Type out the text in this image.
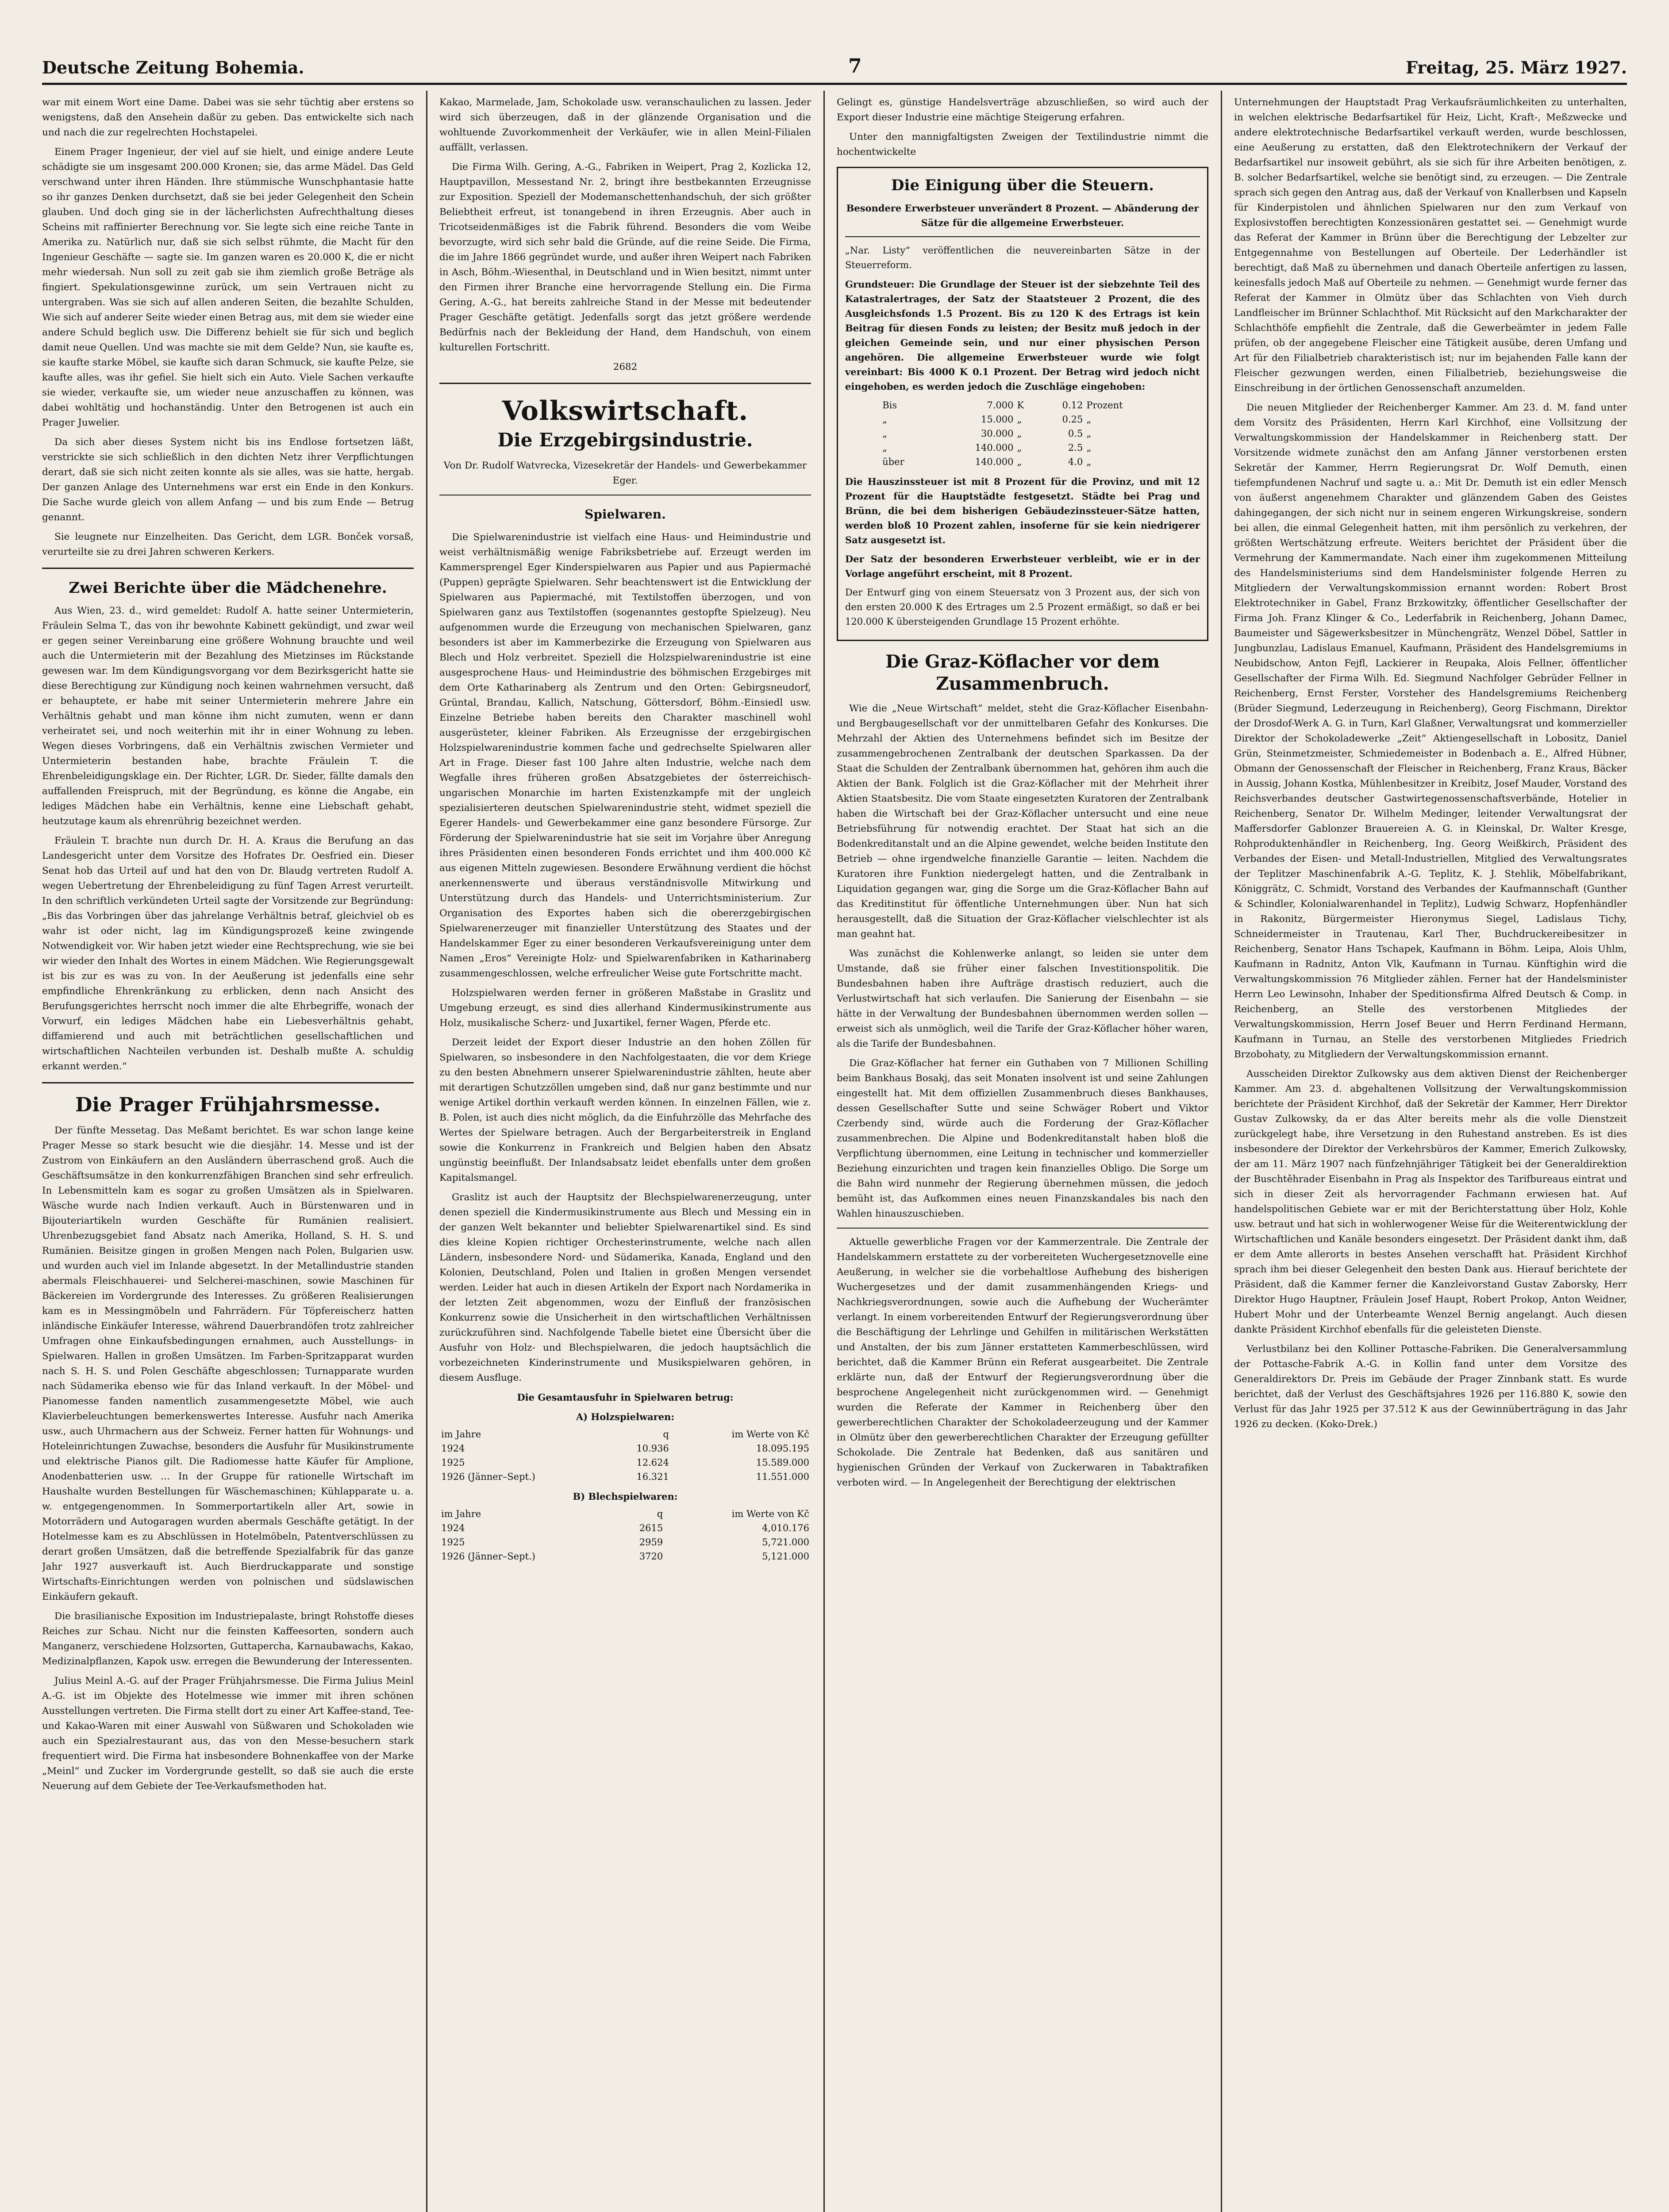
Deutsche Zeitung Bohemia.	7	Freitag, 25. März 1927.

war mit einem Wort eine Dame. Dabei was sie sehr tüchtig aber erstens so wenigstens, daß den Ansehein daßür zu geben. Das entwickelte sich nach und nach die zur regelrechten Hochstapelei.

Einem Prager Ingenieur, der viel auf sie hielt, und einige andere Leute schädigte sie um insgesamt 200.000 Kronen; sie, das arme Mädel. Das Geld verschwand unter ihren Händen. Ihre stümmische Wunschphantasie hatte so ihr ganzes Denken durchsetzt, daß sie bei jeder Gelegenheit den Schein glauben. Und doch ging sie in der lächerlichsten Aufrechthaltung dieses Scheins mit raffinierter Berechnung vor. Sie legte sich eine reiche Tante in Amerika zu. Natürlich nur, daß sie sich selbst rühmte, die Macht für den Ingenieur Geschäfte — sagte sie. Im ganzen waren es 20.000 K, die er nicht mehr wiedersah. Nun soll zu zeit gab sie ihm ziemlich große Beträge als fingiert. Spekulationsgewinne zurück, um sein Vertrauen nicht zu untergraben. Was sie sich auf allen anderen Seiten, die bezahlte Schulden, Wie sich auf anderer Seite wieder einen Betrag aus, mit dem sie wieder eine andere Schuld beglich usw. Die Differenz behielt sie für sich und beglich damit neue Quellen. Und was machte sie mit dem Gelde? Nun, sie kaufte es, sie kaufte starke Möbel, sie kaufte sich daran Schmuck, sie kaufte Pelze, sie kaufte alles, was ihr gefiel. Sie hielt sich ein Auto. Viele Sachen verkaufte sie wieder, verkaufte sie, um wieder neue anzuschaffen zu können, was dabei wohltätig und hochanständig. Unter den Betrogenen ist auch ein Prager Juwelier.

Da sich aber dieses System nicht bis ins Endlose fortsetzen läßt, verstrickte sie sich schließlich in den dichten Netz ihrer Verpflichtungen derart, daß sie sich nicht zeiten konnte als sie alles, was sie hatte, hergab. Der ganzen Anlage des Unternehmens war erst ein Ende in den Konkurs. Die Sache wurde gleich von allem Anfang — und bis zum Ende — Betrug genannt.

Sie leugnete nur Einzelheiten. Das Gericht, dem LGR. Bonček vorsaß, verurteilte sie zu drei Jahren schweren Kerkers.

Zwei Berichte über die Mädchenehre.

Aus Wien, 23. d., wird gemeldet: Rudolf A. hatte seiner Untermieterin, Fräulein Selma T., das von ihr bewohnte Kabinett gekündigt, und zwar weil er gegen seiner Vereinbarung eine größere Wohnung brauchte und weil auch die Untermieterin mit der Bezahlung des Mietzinses im Rückstande gewesen war. Im dem Kündigungsvorgang vor dem Bezirksgericht hatte sie diese Berechtigung zur Kündigung noch keinen wahrnehmen versucht, daß er behauptete, er habe mit seiner Untermieterin mehrere Jahre ein Verhältnis gehabt und man könne ihm nicht zumuten, wenn er dann verheiratet sei, und noch weiterhin mit ihr in einer Wohnung zu leben. Wegen dieses Vorbringens, daß ein Verhältnis zwischen Vermieter und Untermieterin bestanden habe, brachte Fräulein T. die Ehrenbeleidigungsklage ein. Der Richter, LGR. Dr. Sieder, fällte damals den auffallenden Freispruch, mit der Begründung, es könne die Angabe, ein lediges Mädchen habe ein Verhältnis, kenne eine Liebschaft gehabt, heutzutage kaum als ehrenrührig bezeichnet werden.

Fräulein T. brachte nun durch Dr. H. A. Kraus die Berufung an das Landesgericht unter dem Vorsitze des Hofrates Dr. Oesfried ein. Dieser Senat hob das Urteil auf und hat den von Dr. Blaudg vertreten Rudolf A. wegen Uebertretung der Ehrenbeleidigung zu fünf Tagen Arrest verurteilt. In den schriftlich verkündeten Urteil sagte der Vorsitzende zur Begründung: „Bis das Vorbringen über das jahrelange Verhältnis betraf, gleichviel ob es wahr ist oder nicht, lag im Kündigungsprozeß keine zwingende Notwendigkeit vor. Wir haben jetzt wieder eine Rechtsprechung, wie sie bei wir wieder den Inhalt des Wortes in einem Mädchen. Wie Regierungsgewalt ist bis zur es was zu von. In der Aeußerung ist jedenfalls eine sehr empfindliche Ehrenkränkung zu erblicken, denn nach Ansicht des Berufungsgerichtes herrscht noch immer die alte Ehrbegriffe, wonach der Vorwurf, ein lediges Mädchen habe ein Liebesverhältnis gehabt, diffamierend und auch mit beträchtlichen gesellschaftlichen und wirtschaftlichen Nachteilen verbunden ist. Deshalb mußte A. schuldig erkannt werden.“

Die Prager Frühjahrsmesse.

Der fünfte Messetag. Das Meßamt berichtet. Es war schon lange keine Prager Messe so stark besucht wie die diesjähr. 14. Messe und ist der Zustrom von Einkäufern an den Ausländern überraschend groß. Auch die Geschäftsumsätze in den konkurrenzfähigen Branchen sind sehr erfreulich. In Lebensmitteln kam es sogar zu großen Umsätzen als in Spielwaren. Wäsche wurde nach Indien verkauft. Auch in Bürstenwaren und in Bijouteriartikeln wurden Geschäfte für Rumänien realisiert. Uhrenbezugsgebiet fand Absatz nach Amerika, Holland, S. H. S. und Rumänien. Beisitze gingen in großen Mengen nach Polen, Bulgarien usw. und wurden auch viel im Inlande abgesetzt. In der Metallindustrie standen abermals Fleischhauerei- und Selcherei-maschinen, sowie Maschinen für Bäckereien im Vordergrunde des Interesses. Zu größeren Realisierungen kam es in Messingmöbeln und Fahrrädern. Für Töpfereischerz hatten inländische Einkäufer Interesse, während Dauerbrandöfen trotz zahlreicher Umfragen ohne Einkaufsbedingungen ernahmen, auch Ausstellungs- in Spielwaren. Hallen in großen Umsätzen. Im Farben-Spritzapparat wurden nach S. H. S. und Polen Geschäfte abgeschlossen; Turnapparate wurden nach Südamerika ebenso wie für das Inland verkauft. In der Möbel- und Pianomesse fanden namentlich zusammengesetzte Möbel, wie auch Klavierbeleuchtungen bemerkenswertes Interesse. Ausfuhr nach Amerika usw., auch Uhrmachern aus der Schweiz. Ferner hatten für Wohnungs- und Hoteleinrichtungen Zuwachse, besonders die Ausfuhr für Musikinstrumente und elektrische Pianos gilt. Die Radiomesse hatte Käufer für Amplione, Anodenbatterien usw. ... In der Gruppe für rationelle Wirtschaft im Haushalte wurden Bestellungen für Wäschemaschinen; Kühlapparate u. a. w. entgegengenommen. In Sommerportartikeln aller Art, sowie in Motorrädern und Autogaragen wurden abermals Geschäfte getätigt. In der Hotelmesse kam es zu Abschlüssen in Hotelmöbeln, Patentverschlüssen zu derart großen Umsätzen, daß die betreffende Spezialfabrik für das ganze Jahr 1927 ausverkauft ist. Auch Bierdruckapparate und sonstige Wirtschafts-Einrichtungen werden von polnischen und südslawischen Einkäufern gekauft.

Die brasilianische Exposition im Industriepalaste, bringt Rohstoffe dieses Reiches zur Schau. Nicht nur die feinsten Kaffeesorten, sondern auch Manganerz, verschiedene Holzsorten, Guttapercha, Karnaubawachs, Kakao, Medizinalpflanzen, Kapok usw. erregen die Bewunderung der Interessenten.

Julius Meinl A.-G. auf der Prager Frühjahrsmesse. Die Firma Julius Meinl A.-G. ist im Objekte des Hotelmesse wie immer mit ihren schönen Ausstellungen vertreten. Die Firma stellt dort zu einer Art Kaffee-stand, Tee- und Kakao-Waren mit einer Auswahl von Süßwaren und Schokoladen wie auch ein Spezialrestaurant aus, das von den Messe-besuchern stark frequentiert wird. Die Firma hat insbesondere Bohnenkaffee von der Marke „Meinl“ und Zucker im Vordergrunde gestellt, so daß sie auch die erste Neuerung auf dem Gebiete der Tee-Verkaufsmethoden hat.

Kakao, Marmelade, Jam, Schokolade usw. veranschaulichen zu lassen. Jeder wird sich überzeugen, daß in der glänzende Organisation und die wohltuende Zuvorkommenheit der Verkäufer, wie in allen Meinl-Filialen auffällt, verlassen.

Die Firma Wilh. Gering, A.-G., Fabriken in Weipert, Prag 2, Kozlicka 12, Hauptpavillon, Messestand Nr. 2, bringt ihre bestbekannten Erzeugnisse zur Exposition. Speziell der Modemanschettenhandschuh, der sich größter Beliebtheit erfreut, ist tonangebend in ihren Erzeugnis. Aber auch in Tricotseidenmäßiges ist die Fabrik führend. Besonders die vom Weibe bevorzugte, wird sich sehr bald die Gründe, auf die reine Seide. Die Firma, die im Jahre 1866 gegründet wurde, und außer ihren Weipert nach Fabriken in Asch, Böhm.-Wiesenthal, in Deutschland und in Wien besitzt, nimmt unter den Firmen ihrer Branche eine hervorragende Stellung ein. Die Firma Gering, A.-G., hat bereits zahlreiche Stand in der Messe mit bedeutender Prager Geschäfte getätigt. Jedenfalls sorgt das jetzt größere werdende Bedürfnis nach der Bekleidung der Hand, dem Handschuh, von einem kulturellen Fortschritt.

2682

Volkswirtschaft.
Die Erzgebirgsindustrie.
Von Dr. Rudolf Watvrecka, Vizesekretär der Handels- und Gewerbekammer Eger.
Spielwaren.

Die Spielwarenindustrie ist vielfach eine Haus- und Heimindustrie und weist verhältnismäßig wenige Fabriksbetriebe auf. Erzeugt werden im Kammersprengel Eger Kinderspielwaren aus Papier und aus Papiermaché (Puppen) geprägte Spielwaren. Sehr beachtenswert ist die Entwicklung der Spielwaren aus Papiermaché, mit Textilstoffen überzogen, und von Spielwaren ganz aus Textilstoffen (sogenanntes gestopfte Spielzeug). Neu aufgenommen wurde die Erzeugung von mechanischen Spielwaren, ganz besonders ist aber im Kammerbezirke die Erzeugung von Spielwaren aus Blech und Holz verbreitet. Speziell die Holzspielwarenindustrie ist eine ausgesprochene Haus- und Heimindustrie des böhmischen Erzgebirges mit dem Orte Katharinaberg als Zentrum und den Orten: Gebirgsneudorf, Grüntal, Brandau, Kallich, Natschung, Göttersdorf, Böhm.-Einsiedl usw. Einzelne Betriebe haben bereits den Charakter maschinell wohl ausgerüsteter, kleiner Fabriken. Als Erzeugnisse der erzgebirgischen Holzspielwarenindustrie kommen fache und gedrechselte Spielwaren aller Art in Frage. Dieser fast 100 Jahre alten Industrie, welche nach dem Wegfalle ihres früheren großen Absatzgebietes der österreichisch-ungarischen Monarchie im harten Existenzkampfe mit der ungleich spezialisierteren deutschen Spielwarenindustrie steht, widmet speziell die Egerer Handels- und Gewerbekammer eine ganz besondere Fürsorge. Zur Förderung der Spielwarenindustrie hat sie seit im Vorjahre über Anregung ihres Präsidenten einen besonderen Fonds errichtet und ihm 400.000 Kč aus eigenen Mitteln zugewiesen. Besondere Erwähnung verdient die höchst anerkennenswerte und überaus verständnisvolle Mitwirkung und Unterstützung durch das Handels- und Unterrichtsministerium. Zur Organisation des Exportes haben sich die obererzgebirgischen Spielwarenerzeuger mit finanzieller Unterstützung des Staates und der Handelskammer Eger zu einer besonderen Verkaufsvereinigung unter dem Namen „Eros“ Vereinigte Holz- und Spielwarenfabriken in Katharinaberg zusammengeschlossen, welche erfreulicher Weise gute Fortschritte macht.

Holzspielwaren werden ferner in größeren Maßstabe in Graslitz und Umgebung erzeugt, es sind dies allerhand Kindermusikinstrumente aus Holz, musikalische Scherz- und Juxartikel, ferner Wagen, Pferde etc.

Derzeit leidet der Export dieser Industrie an den hohen Zöllen für Spielwaren, so insbesondere in den Nachfolgestaaten, die vor dem Kriege zu den besten Abnehmern unserer Spielwarenindustrie zählten, heute aber mit derartigen Schutzzöllen umgeben sind, daß nur ganz bestimmte und nur wenige Artikel dorthin verkauft werden können. In einzelnen Fällen, wie z. B. Polen, ist auch dies nicht möglich, da die Einfuhrzölle das Mehrfache des Wertes der Spielware betragen. Auch der Bergarbeiterstreik in England sowie die Konkurrenz in Frankreich und Belgien haben den Absatz ungünstig beeinflußt. Der Inlandsabsatz leidet ebenfalls unter dem großen Kapitalsmangel.

Graslitz ist auch der Hauptsitz der Blechspielwarenerzeugung, unter denen speziell die Kindermusikinstrumente aus Blech und Messing ein in der ganzen Welt bekannter und beliebter Spielwarenartikel sind. Es sind dies kleine Kopien richtiger Orchesterinstrumente, welche nach allen Ländern, insbesondere Nord- und Südamerika, Kanada, England und den Kolonien, Deutschland, Polen und Italien in großen Mengen versendet werden. Leider hat auch in diesen Artikeln der Export nach Nordamerika in der letzten Zeit abgenommen, wozu der Einfluß der französischen Konkurrenz sowie die Unsicherheit in den wirtschaftlichen Verhältnissen zurückzuführen sind. Nachfolgende Tabelle bietet eine Übersicht über die Ausfuhr von Holz- und Blechspielwaren, die jedoch hauptsächlich die vorbezeichneten Kinderinstrumente und Musikspielwaren gehören, in diesem Ausfluge.

Die Gesamtausfuhr in Spielwaren betrug:
A) Holzspielwaren:
im Jahre	q	im Werte von Kč
1924	10.936	18.095.195
1925	12.624	15.589.000
1926 (Jänner–Sept.)	16.321	11.551.000
B) Blechspielwaren:
im Jahre	q	im Werte von Kč
1924	2615	4,010.176
1925	2959	5,721.000
1926 (Jänner–Sept.)	3720	5,121.000

Gelingt es, günstige Handelsverträge abzuschließen, so wird auch der Export dieser Industrie eine mächtige Steigerung erfahren.

Unter den mannigfaltigsten Zweigen der Textilindustrie nimmt die hochentwickelte

Die Einigung über die Steuern.

Besondere Erwerbsteuer unverändert 8 Prozent. — Abänderung der Sätze für die allgemeine Erwerbsteuer.

„Nar. Listy“ veröffentlichen die neuvereinbarten Sätze in der Steuerreform.

Grundsteuer: Die Grundlage der Steuer ist der siebzehnte Teil des Katastralertrages, der Satz der Staatsteuer 2 Prozent, die des Ausgleichsfonds 1.5 Prozent. Bis zu 120 K des Ertrags ist kein Beitrag für diesen Fonds zu leisten; der Besitz muß jedoch in der gleichen Gemeinde sein, und nur einer physischen Person angehören. Die allgemeine Erwerbsteuer wurde wie folgt vereinbart: Bis 4000 K 0.1 Prozent. Der Betrag wird jedoch nicht eingehoben, es werden jedoch die Zuschläge eingehoben:

Bis	7.000	K	0.12	Prozent
„	15.000	„	0.25	„
„	30.000	„	0.5	„
„	140.000	„	2.5	„
über	140.000	„	4.0	„

Die Hauszinssteuer ist mit 8 Prozent für die Provinz, und mit 12 Prozent für die Hauptstädte festgesetzt. Städte bei Prag und Brünn, die bei dem bisherigen Gebäudezinssteuer-Sätze hatten, werden bloß 10 Prozent zahlen, insoferne für sie kein niedrigerer Satz ausgesetzt ist.

Der Satz der besonderen Erwerbsteuer verbleibt, wie er in der Vorlage angeführt erscheint, mit 8 Prozent.

Der Entwurf ging von einem Steuersatz von 3 Prozent aus, der sich von den ersten 20.000 K des Ertrages um 2.5 Prozent ermäßigt, so daß er bei 120.000 K übersteigenden Grundlage 15 Prozent erhöhte.

Die Graz-Köflacher vor dem Zusammenbruch.

Wie die „Neue Wirtschaft“ meldet, steht die Graz-Köflacher Eisenbahn- und Bergbaugesellschaft vor der unmittelbaren Gefahr des Konkurses. Die Mehrzahl der Aktien des Unternehmens befindet sich im Besitze der zusammengebrochenen Zentralbank der deutschen Sparkassen. Da der Staat die Schulden der Zentralbank übernommen hat, gehören ihm auch die Aktien der Bank. Folglich ist die Graz-Köflacher mit der Mehrheit ihrer Aktien Staatsbesitz. Die vom Staate eingesetzten Kuratoren der Zentralbank haben die Wirtschaft bei der Graz-Köflacher untersucht und eine neue Betriebsführung für notwendig erachtet. Der Staat hat sich an die Bodenkreditanstalt und an die Alpine gewendet, welche beiden Institute den Betrieb — ohne irgendwelche finanzielle Garantie — leiten. Nachdem die Kuratoren ihre Funktion niedergelegt hatten, und die Zentralbank in Liquidation gegangen war, ging die Sorge um die Graz-Köflacher Bahn auf das Kreditinstitut für öffentliche Unternehmungen über. Nun hat sich herausgestellt, daß die Situation der Graz-Köflacher vielschlechter ist als man geahnt hat.

Was zunächst die Kohlenwerke anlangt, so leiden sie unter dem Umstande, daß sie früher einer falschen Investitionspolitik. Die Bundesbahnen haben ihre Aufträge drastisch reduziert, auch die Verlustwirtschaft hat sich verlaufen. Die Sanierung der Eisenbahn — sie hätte in der Verwaltung der Bundesbahnen übernommen werden sollen — erweist sich als unmöglich, weil die Tarife der Graz-Köflacher höher waren, als die Tarife der Bundesbahnen.

Die Graz-Köflacher hat ferner ein Guthaben von 7 Millionen Schilling beim Bankhaus Bosakj, das seit Monaten insolvent ist und seine Zahlungen eingestellt hat. Mit dem offiziellen Zusammenbruch dieses Bankhauses, dessen Gesellschafter Sutte und seine Schwäger Robert und Viktor Czerbendy sind, würde auch die Forderung der Graz-Köflacher zusammenbrechen. Die Alpine und Bodenkreditanstalt haben bloß die Verpflichtung übernommen, eine Leitung in technischer und kommerzieller Beziehung einzurichten und tragen kein finanzielles Obligo. Die Sorge um die Bahn wird nunmehr der Regierung übernehmen müssen, die jedoch bemüht ist, das Aufkommen eines neuen Finanzskandales bis nach den Wahlen hinauszuschieben.

Aktuelle gewerbliche Fragen vor der Kammerzentrale. Die Zentrale der Handelskammern erstattete zu der vorbereiteten Wuchergesetznovelle eine Aeußerung, in welcher sie die vorbehaltlose Aufhebung des bisherigen Wuchergesetzes und der damit zusammenhängenden Kriegs- und Nachkriegsverordnungen, sowie auch die Aufhebung der Wucherämter verlangt. In einem vorbereitenden Entwurf der Regierungsverordnung über die Beschäftigung der Lehrlinge und Gehilfen in militärischen Werkstätten und Anstalten, der bis zum Jänner erstatteten Kammerbeschlüssen, wird berichtet, daß die Kammer Brünn ein Referat ausgearbeitet. Die Zentrale erklärte nun, daß der Entwurf der Regierungsverordnung über die besprochene Angelegenheit nicht zurückgenommen wird. — Genehmigt wurden die Referate der Kammer in Reichenberg über den gewerberechtlichen Charakter der Schokoladeerzeugung und der Kammer in Olmütz über den gewerberechtlichen Charakter der Erzeugung gefüllter Schokolade. Die Zentrale hat Bedenken, daß aus sanitären und hygienischen Gründen der Verkauf von Zuckerwaren in Tabaktrafiken verboten wird. — In Angelegenheit der Berechtigung der elektrischen

Unternehmungen der Hauptstadt Prag Verkaufsräumlichkeiten zu unterhalten, in welchen elektrische Bedarfsartikel für Heiz, Licht, Kraft-, Meßzwecke und andere elektrotechnische Bedarfsartikel verkauft werden, wurde beschlossen, eine Aeußerung zu erstatten, daß den Elektrotechnikern der Verkauf der Bedarfsartikel nur insoweit gebührt, als sie sich für ihre Arbeiten benötigen, z. B. solcher Bedarfsartikel, welche sie benötigt sind, zu erzeugen. — Die Zentrale sprach sich gegen den Antrag aus, daß der Verkauf von Knallerbsen und Kapseln für Kinderpistolen und ähnlichen Spielwaren nur den zum Verkauf von Explosivstoffen berechtigten Konzessionären gestattet sei. — Genehmigt wurde das Referat der Kammer in Brünn über die Berechtigung der Lebzelter zur Entgegennahme von Bestellungen auf Oberteile. Der Lederhändler ist berechtigt, daß Maß zu übernehmen und danach Oberteile anfertigen zu lassen, keinesfalls jedoch Maß auf Oberteile zu nehmen. — Genehmigt wurde ferner das Referat der Kammer in Olmütz über das Schlachten von Vieh durch Landfleischer im Brünner Schlachthof. Mit Rücksicht auf den Markcharakter der Schlachthöfe empfiehlt die Zentrale, daß die Gewerbeämter in jedem Falle prüfen, ob der angegebene Fleischer eine Tätigkeit ausübe, deren Umfang und Art für den Filialbetrieb charakteristisch ist; nur im bejahenden Falle kann der Fleischer gezwungen werden, einen Filialbetrieb, beziehungsweise die Einschreibung in der örtlichen Genossenschaft anzumelden.

Die neuen Mitglieder der Reichenberger Kammer. Am 23. d. M. fand unter dem Vorsitz des Präsidenten, Herrn Karl Kirchhof, eine Vollsitzung der Verwaltungskommission der Handelskammer in Reichenberg statt. Der Vorsitzende widmete zunächst den am Anfang Jänner verstorbenen ersten Sekretär der Kammer, Herrn Regierungsrat Dr. Wolf Demuth, einen tiefempfundenen Nachruf und sagte u. a.: Mit Dr. Demuth ist ein edler Mensch von äußerst angenehmem Charakter und glänzendem Gaben des Geistes dahingegangen, der sich nicht nur in seinem engeren Wirkungskreise, sondern bei allen, die einmal Gelegenheit hatten, mit ihm persönlich zu verkehren, der größten Wertschätzung erfreute. Weiters berichtet der Präsident über die Vermehrung der Kammermandate. Nach einer ihm zugekommenen Mitteilung des Handelsministeriums sind dem Handelsminister folgende Herren zu Mitgliedern der Verwaltungskommission ernannt worden: Robert Brost Elektrotechniker in Gabel, Franz Brzkowitzky, öffentlicher Gesellschafter der Firma Joh. Franz Klinger & Co., Lederfabrik in Reichenberg, Johann Damec, Baumeister und Sägewerksbesitzer in Münchengrätz, Wenzel Döbel, Sattler in Jungbunzlau, Ladislaus Emanuel, Kaufmann, Präsident des Handelsgremiums in Neubidschow, Anton Fejfl, Lackierer in Reupaka, Alois Fellner, öffentlicher Gesellschafter der Firma Wilh. Ed. Siegmund Nachfolger Gebrüder Fellner in Reichenberg, Ernst Ferster, Vorsteher des Handelsgremiums Reichenberg (Brüder Siegmund, Lederzeugung in Reichenberg), Georg Fischmann, Direktor der Drosdof-Werk A. G. in Turn, Karl Glaßner, Verwaltungsrat und kommerzieller Direktor der Schokoladewerke „Zeit“ Aktiengesellschaft in Lobositz, Daniel Grün, Steinmetzmeister, Schmiedemeister in Bodenbach a. E., Alfred Hübner, Obmann der Genossenschaft der Fleischer in Reichenberg, Franz Kraus, Bäcker in Aussig, Johann Kostka, Mühlenbesitzer in Kreibitz, Josef Mauder, Vorstand des Reichsverbandes deutscher Gastwirtegenossenschaftsverbände, Hotelier in Reichenberg, Senator Dr. Wilhelm Medinger, leitender Verwaltungsrat der Maffersdorfer Gablonzer Brauereien A. G. in Kleinskal, Dr. Walter Kresge, Rohproduktenhändler in Reichenberg, Ing. Georg Weißkirch, Präsident des Verbandes der Eisen- und Metall-Industriellen, Mitglied des Verwaltungsrates der Teplitzer Maschinenfabrik A.-G. Teplitz, K. J. Stehlik, Möbelfabrikant, Königgrätz, C. Schmidt, Vorstand des Verbandes der Kaufmannschaft (Gunther & Schindler, Kolonialwarenhandel in Teplitz), Ludwig Schwarz, Hopfenhändler in Rakonitz, Bürgermeister Hieronymus Siegel, Ladislaus Tichy, Schneidermeister in Trautenau, Karl Ther, Buchdruckereibesitzer in Reichenberg, Senator Hans Tschapek, Kaufmann in Böhm. Leipa, Alois Uhlm, Kaufmann in Radnitz, Anton Vlk, Kaufmann in Turnau. Künftighin wird die Verwaltungskommission 76 Mitglieder zählen. Ferner hat der Handelsminister Herrn Leo Lewinsohn, Inhaber der Speditionsfirma Alfred Deutsch & Comp. in Reichenberg, an Stelle des verstorbenen Mitgliedes der Verwaltungskommission, Herrn Josef Beuer und Herrn Ferdinand Hermann, Kaufmann in Turnau, an Stelle des verstorbenen Mitgliedes Friedrich Brzobohaty, zu Mitgliedern der Verwaltungskommission ernannt.

Ausscheiden Direktor Zulkowsky aus dem aktiven Dienst der Reichenberger Kammer. Am 23. d. abgehaltenen Vollsitzung der Verwaltungskommission berichtete der Präsident Kirchhof, daß der Sekretär der Kammer, Herr Direktor Gustav Zulkowsky, da er das Alter bereits mehr als die volle Dienstzeit zurückgelegt habe, ihre Versetzung in den Ruhestand anstreben. Es ist dies insbesondere der Direktor der Verkehrsbüros der Kammer, Emerich Zulkowsky, der am 11. März 1907 nach fünfzehnjähriger Tätigkeit bei der Generaldirektion der Buschtěhrader Eisenbahn in Prag als Inspektor des Tarifbureaus eintrat und sich in dieser Zeit als hervorragender Fachmann erwiesen hat. Auf handelspolitischen Gebiete war er mit der Berichterstattung über Holz, Kohle usw. betraut und hat sich in wohlerwogener Weise für die Weiterentwicklung der Wirtschaftlichen und Kanäle besonders eingesetzt. Der Präsident dankt ihm, daß er dem Amte allerorts in bestes Ansehen verschafft hat. Präsident Kirchhof sprach ihm bei dieser Gelegenheit den besten Dank aus. Hierauf berichtete der Präsident, daß die Kammer ferner die Kanzleivorstand Gustav Zaborsky, Herr Direktor Hugo Hauptner, Fräulein Josef Haupt, Robert Prokop, Anton Weidner, Hubert Mohr und der Unterbeamte Wenzel Bernig angelangt. Auch diesen dankte Präsident Kirchhof ebenfalls für die geleisteten Dienste.

Verlustbilanz bei den Kolliner Pottasche-Fabriken. Die Generalversammlung der Pottasche-Fabrik A.-G. in Kollin fand unter dem Vorsitze des Generaldirektors Dr. Preis im Gebäude der Prager Zinnbank statt. Es wurde berichtet, daß der Verlust des Geschäftsjahres 1926 per 116.880 K, sowie den Verlust für das Jahr 1925 per 37.512 K aus der Gewinnüberträgung in das Jahr 1926 zu decken. (Koko-Drek.)
